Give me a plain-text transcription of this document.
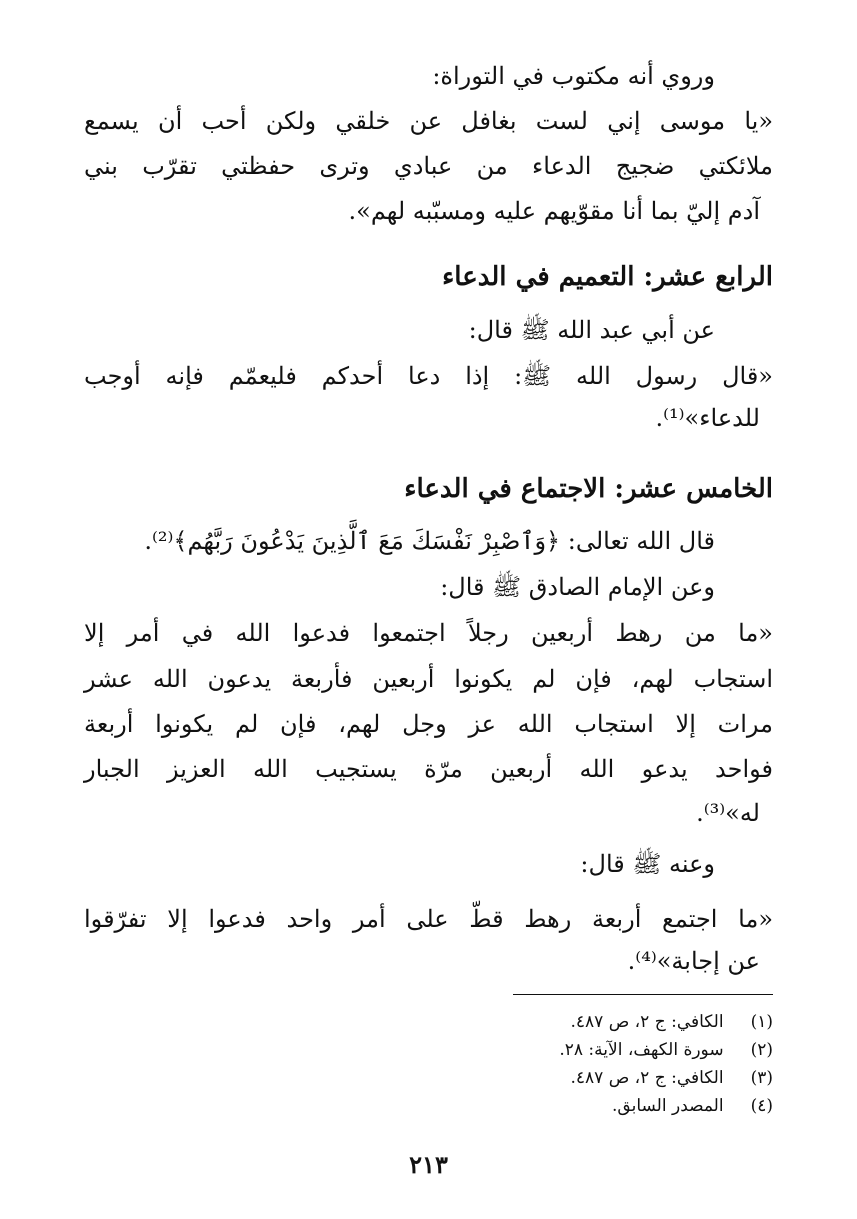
وروي أنه مكتوب في التوراة:
«يا موسى إني لست بغافل عن خلقي ولكن أحب أن يسمع
ملائكتي ضجيج الدعاء من عبادي وترى حفظتي تقرّب بني
آدم إليّ بما أنا مقوّيهم عليه ومسبّبه لهم».
الرابع عشر: التعميم في الدعاء
عن أبي عبد الله ﷺ قال:
«قال رسول الله ﷺ: إذا دعا أحدكم فليعمّم فإنه أوجب
للدعاء»⁽¹⁾.
الخامس عشر: الاجتماع في الدعاء
قال الله تعالى: ﴿وَٱصْبِرْ نَفْسَكَ مَعَ ٱلَّذِينَ يَدْعُونَ رَبَّهُم﴾⁽²⁾.
وعن الإمام الصادق ﷺ قال:
«ما من رهط أربعين رجلاً اجتمعوا فدعوا الله في أمر إلا
استجاب لهم، فإن لم يكونوا أربعين فأربعة يدعون الله عشر
مرات إلا استجاب الله عز وجل لهم، فإن لم يكونوا أربعة
فواحد يدعو الله أربعين مرّة يستجيب الله العزيز الجبار
له»⁽³⁾.
وعنه ﷺ قال:
«ما اجتمع أربعة رهط قطّ على أمر واحد فدعوا إلا تفرّقوا
عن إجابة»⁽⁴⁾.
(١) الكافي: ج ٢، ص ٤٨٧.
(٢) سورة الكهف، الآية: ٢٨.
(٣) الكافي: ج ٢، ص ٤٨٧.
(٤) المصدر السابق.
٢١٣
